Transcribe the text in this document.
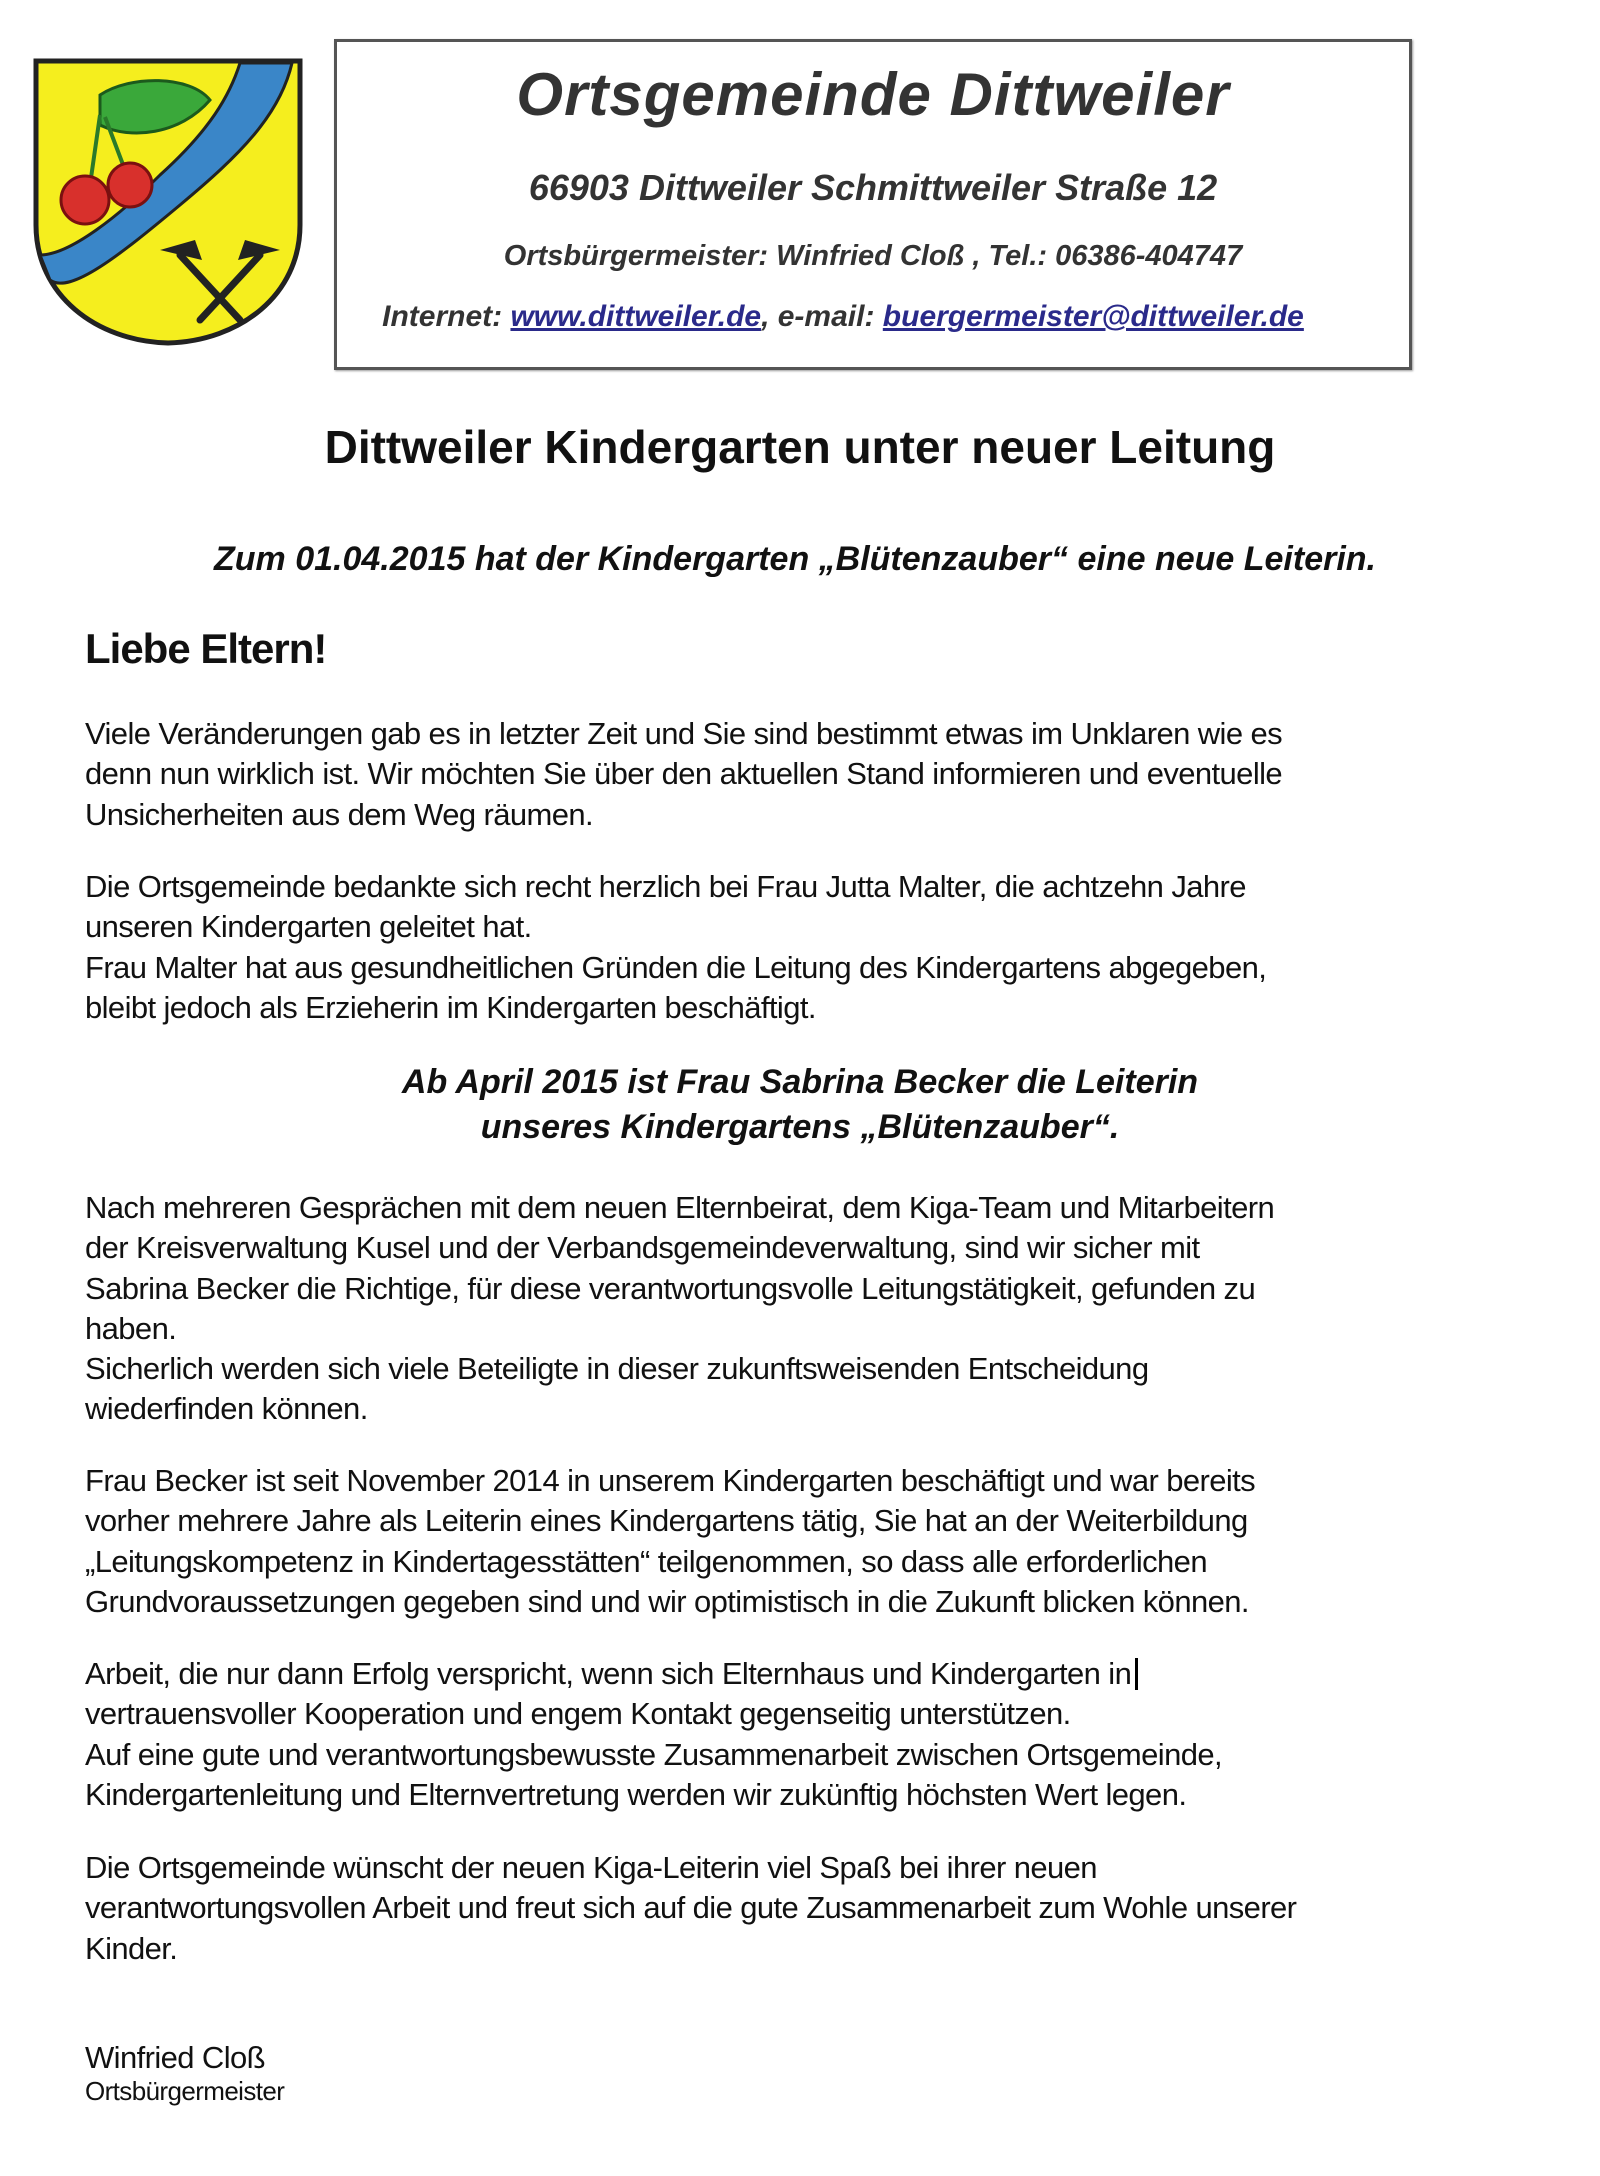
Ortsgemeinde Dittweiler
66903 Dittweiler Schmittweiler Straße 12
Ortsbürgermeister: Winfried Cloß , Tel.: 06386-404747
Internet: www.dittweiler.de, e-mail: buergermeister@dittweiler.de
Dittweiler Kindergarten unter neuer Leitung
Zum 01.04.2015 hat der Kindergarten „Blütenzauber“ eine neue Leiterin.
Liebe Eltern!
Viele Veränderungen gab es in letzter Zeit und Sie sind bestimmt etwas im Unklaren wie es
denn nun wirklich ist. Wir möchten Sie über den aktuellen Stand informieren und eventuelle
Unsicherheiten aus dem Weg räumen.
Die Ortsgemeinde bedankte sich recht herzlich bei Frau Jutta Malter, die achtzehn Jahre
unseren Kindergarten geleitet hat.
Frau Malter hat aus gesundheitlichen Gründen die Leitung des Kindergartens abgegeben,
bleibt jedoch als Erzieherin im Kindergarten beschäftigt.
Ab April 2015 ist Frau Sabrina Becker die Leiterin
unseres Kindergartens „Blütenzauber“.
Nach mehreren Gesprächen mit dem neuen Elternbeirat, dem Kiga-Team und Mitarbeitern
der Kreisverwaltung Kusel und der Verbandsgemeindeverwaltung, sind wir sicher mit
Sabrina Becker die Richtige, für diese verantwortungsvolle Leitungstätigkeit, gefunden zu
haben.
Sicherlich werden sich viele Beteiligte in dieser zukunftsweisenden Entscheidung
wiederfinden können.
Frau Becker ist seit November 2014 in unserem Kindergarten beschäftigt und war bereits
vorher mehrere Jahre als Leiterin eines Kindergartens tätig, Sie hat an der Weiterbildung
„Leitungskompetenz in Kindertagesstätten“ teilgenommen, so dass alle erforderlichen
Grundvoraussetzungen gegeben sind und wir optimistisch in die Zukunft blicken können.
Arbeit, die nur dann Erfolg verspricht, wenn sich Elternhaus und Kindergarten in
vertrauensvoller Kooperation und engem Kontakt gegenseitig unterstützen.
Auf eine gute und verantwortungsbewusste Zusammenarbeit zwischen Ortsgemeinde,
Kindergartenleitung und Elternvertretung werden wir zukünftig höchsten Wert legen.
Die Ortsgemeinde wünscht der neuen Kiga-Leiterin viel Spaß bei ihrer neuen
verantwortungsvollen Arbeit und freut sich auf die gute Zusammenarbeit zum Wohle unserer
Kinder.
Winfried Cloß
Ortsbürgermeister
